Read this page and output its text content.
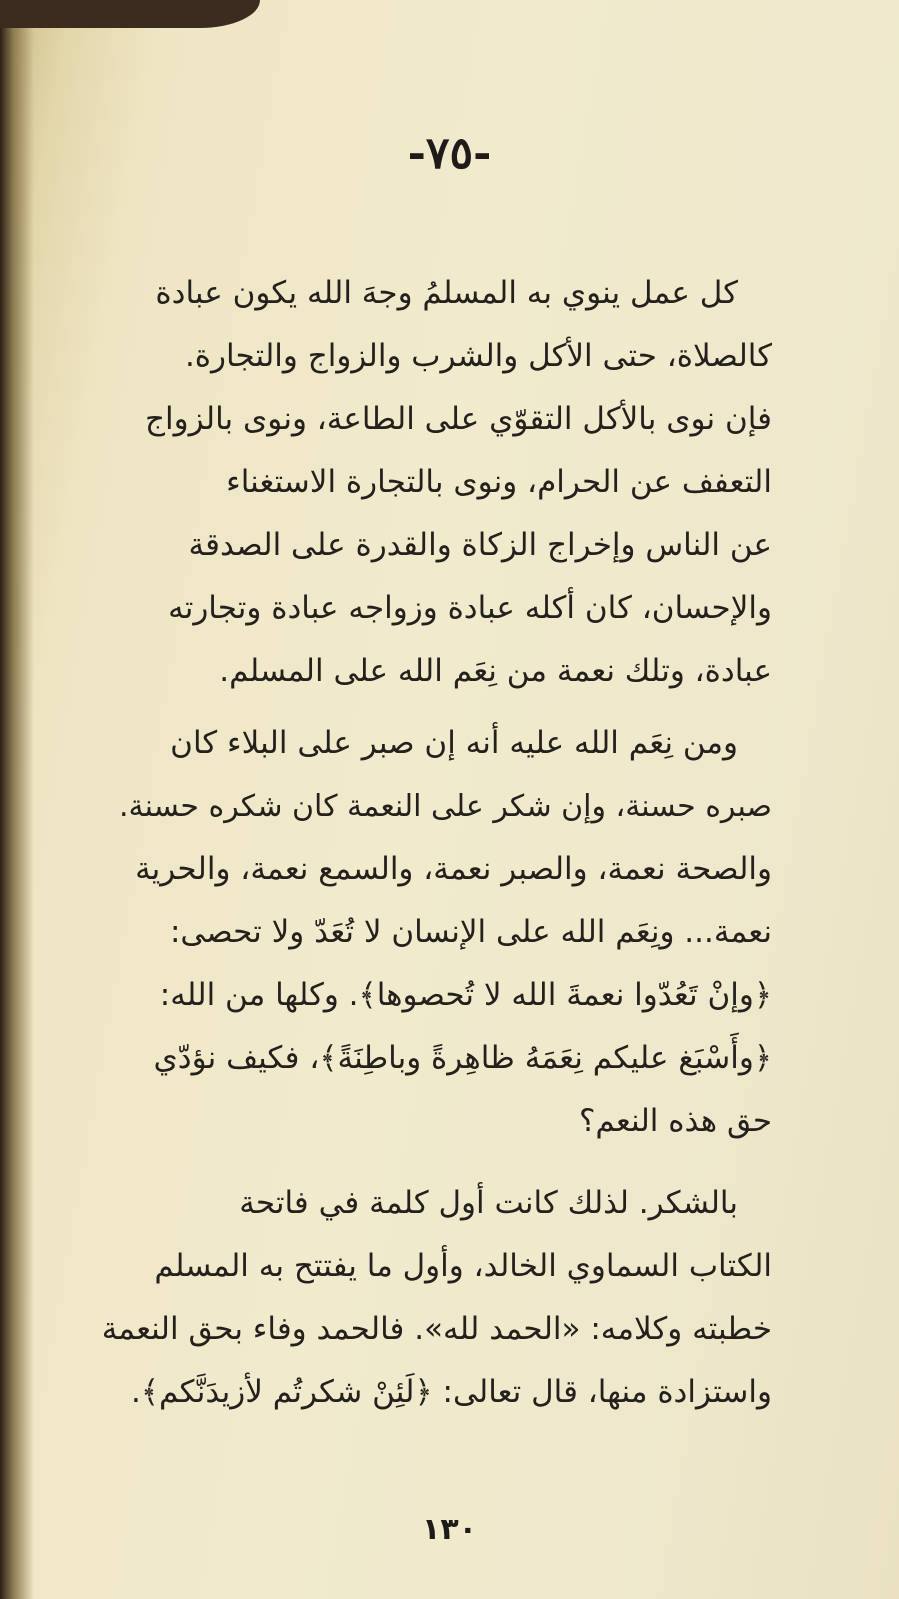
-٧٥-
كل عمل ينوي به المسلمُ وجهَ الله يكون عبادة
كالصلاة، حتى الأكل والشرب والزواج والتجارة.
فإن نوى بالأكل التقوّي على الطاعة، ونوى بالزواج
التعفف عن الحرام، ونوى بالتجارة الاستغناء
عن الناس وإخراج الزكاة والقدرة على الصدقة
والإحسان، كان أكله عبادة وزواجه عبادة وتجارته
عبادة، وتلك نعمة من نِعَم الله على المسلم.
ومن نِعَم الله عليه أنه إن صبر على البلاء كان
صبره حسنة، وإن شكر على النعمة كان شكره حسنة.
والصحة نعمة، والصبر نعمة، والسمع نعمة، والحرية
نعمة... ونِعَم الله على الإنسان لا تُعَدّ ولا تحصى:
﴿وإنْ تَعُدّوا نعمةَ الله لا تُحصوها﴾. وكلها من الله:
﴿وأَسْبَغ عليكم نِعَمَهُ ظاهِرةً وباطِنَةً﴾، فكيف نؤدّي
حق هذه النعم؟
بالشكر. لذلك كانت أول كلمة في فاتحة
الكتاب السماوي الخالد، وأول ما يفتتح به المسلم
خطبته وكلامه: «الحمد لله». فالحمد وفاء بحق النعمة
واستزادة منها، قال تعالى: ﴿لَئِنْ شكرتُم لأزيدَنَّكم﴾.
١٣٠
